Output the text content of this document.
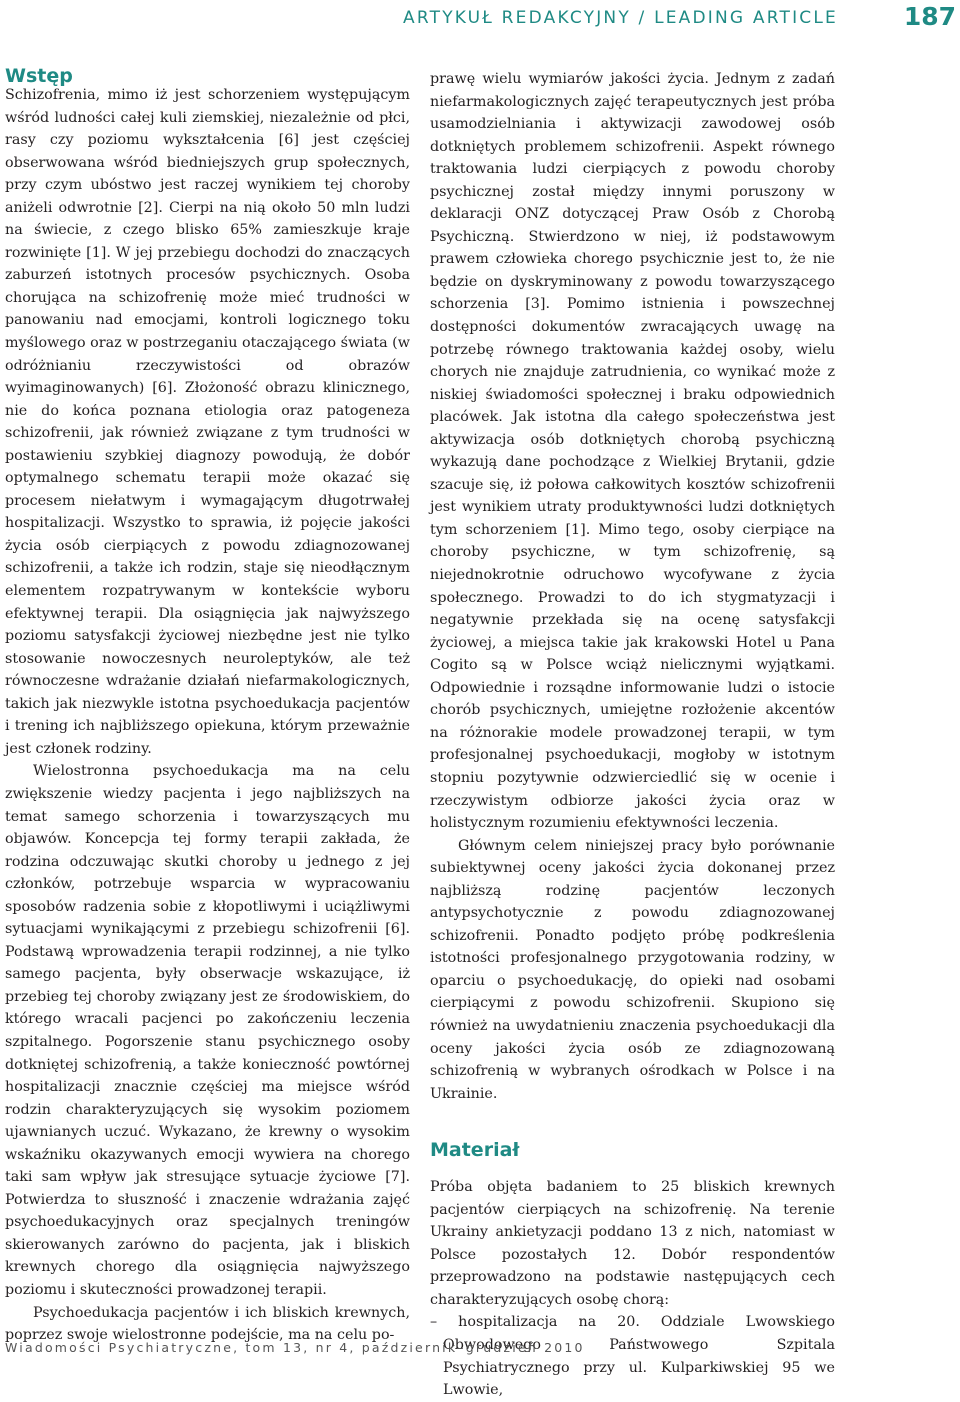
ARTYKUŁ REDAKCYJNY / LEADING ARTICLE	187
Wstęp

Schizofrenia, mimo iż jest schorzeniem występującym wśród ludności całej kuli ziemskiej, niezależnie od płci, rasy czy poziomu wykształcenia [6] jest częściej obserwowana wśród biedniejszych grup społecznych, przy czym ubóstwo jest raczej wynikiem tej choroby aniżeli odwrotnie [2]. Cierpi na nią około 50 mln ludzi na świecie, z czego blisko 65% zamieszkuje kraje rozwinięte [1]. W jej przebiegu dochodzi do znaczących zaburzeń istotnych procesów psychicznych. Osoba chorująca na schizofrenię może mieć trudności w panowaniu nad emocjami, kontroli logicznego toku myślowego oraz w postrzeganiu otaczającego świata (w odróżnianiu rzeczywistości od obrazów wyimaginowanych) [6]. Złożoność obrazu klinicznego, nie do końca poznana etiologia oraz patogeneza schizofrenii, jak również związane z tym trudności w postawieniu szybkiej diagnozy powodują, że dobór optymalnego schematu terapii może okazać się procesem niełatwym i wymagającym długotrwałej hospitalizacji. Wszystko to sprawia, iż pojęcie jakości życia osób cierpiących z powodu zdiagnozowanej schizofrenii, a także ich rodzin, staje się nieodłącznym elementem rozpatrywanym w kontekście wyboru efektywnej terapii. Dla osiągnięcia jak najwyższego poziomu satysfakcji życiowej niezbędne jest nie tylko stosowanie nowoczesnych neuroleptyków, ale też równoczesne wdrażanie działań niefarmakologicznych, takich jak niezwykle istotna psychoedukacja pacjentów i trening ich najbliższego opiekuna, którym przeważnie jest członek rodziny.

Wielostronna psychoedukacja ma na celu zwiększenie wiedzy pacjenta i jego najbliższych na temat samego schorzenia i towarzyszących mu objawów. Koncepcja tej formy terapii zakłada, że rodzina odczuwając skutki choroby u jednego z jej członków, potrzebuje wsparcia w wypracowaniu sposobów radzenia sobie z kłopotliwymi i uciążliwymi sytuacjami wynikającymi z przebiegu schizofrenii [6]. Podstawą wprowadzenia terapii rodzinnej, a nie tylko samego pacjenta, były obserwacje wskazujące, iż przebieg tej choroby związany jest ze środowiskiem, do którego wracali pacjenci po zakończeniu leczenia szpitalnego. Pogorszenie stanu psychicznego osoby dotkniętej schizofrenią, a także konieczność powtórnej hospitalizacji znacznie częściej ma miejsce wśród rodzin charakteryzujących się wysokim poziomem ujawnianych uczuć. Wykazano, że krewny o wysokim wskaźniku okazywanych emocji wywiera na chorego taki sam wpływ jak stresujące sytuacje życiowe [7]. Potwierdza to słuszność i znaczenie wdrażania zajęć psychoedukacyjnych oraz specjalnych treningów skierowanych zarówno do pacjenta, jak i bliskich krewnych chorego dla osiągnięcia najwyższego poziomu i skuteczności prowadzonej terapii.

Psychoedukacja pacjentów i ich bliskich krewnych, poprzez swoje wielostronne podejście, ma na celu po-

prawę wielu wymiarów jakości życia. Jednym z zadań niefarmakologicznych zajęć terapeutycznych jest próba usamodzielniania i aktywizacji zawodowej osób dotkniętych problemem schizofrenii. Aspekt równego traktowania ludzi cierpiących z powodu choroby psychicznej został między innymi poruszony w deklaracji ONZ dotyczącej Praw Osób z Chorobą Psychiczną. Stwierdzono w niej, iż podstawowym prawem człowieka chorego psychicznie jest to, że nie będzie on dyskryminowany z powodu towarzyszącego schorzenia [3]. Pomimo istnienia i powszechnej dostępności dokumentów zwracających uwagę na potrzebę równego traktowania każdej osoby, wielu chorych nie znajduje zatrudnienia, co wynikać może z niskiej świadomości społecznej i braku odpowiednich placówek. Jak istotna dla całego społeczeństwa jest aktywizacja osób dotkniętych chorobą psychiczną wykazują dane pochodzące z Wielkiej Brytanii, gdzie szacuje się, iż połowa całkowitych kosztów schizofrenii jest wynikiem utraty produktywności ludzi dotkniętych tym schorzeniem [1]. Mimo tego, osoby cierpiące na choroby psychiczne, w tym schizofrenię, są niejednokrotnie odruchowo wycofywane z życia społecznego. Prowadzi to do ich stygmatyzacji i negatywnie przekłada się na ocenę satysfakcji życiowej, a miejsca takie jak krakowski Hotel u Pana Cogito są w Polsce wciąż nielicznymi wyjątkami. Odpowiednie i rozsądne informowanie ludzi o istocie chorób psychicznych, umiejętne rozłożenie akcentów na różnorakie modele prowadzonej terapii, w tym profesjonalnej psychoedukacji, mogłoby w istotnym stopniu pozytywnie odzwierciedlić się w ocenie i rzeczywistym odbiorze jakości życia oraz w holistycznym rozumieniu efektywności leczenia.

Głównym celem niniejszej pracy było porównanie subiektywnej oceny jakości życia dokonanej przez najbliższą rodzinę pacjentów leczonych antypsychotycznie z powodu zdiagnozowanej schizofrenii. Ponadto podjęto próbę podkreślenia istotności profesjonalnego przygotowania rodziny, w oparciu o psychoedukację, do opieki nad osobami cierpiącymi z powodu schizofrenii. Skupiono się również na uwydatnieniu znaczenia psychoedukacji dla oceny jakości życia osób ze zdiagnozowaną schizofrenią w wybranych ośrodkach w Polsce i na Ukrainie.

Materiał

Próba objęta badaniem to 25 bliskich krewnych pacjentów cierpiących na schizofrenię. Na terenie Ukrainy ankietyzacji poddano 13 z nich, natomiast w Polsce pozostałych 12. Dobór respondentów przeprowadzono na podstawie następujących cech charakteryzujących osobę chorą:

– hospitalizacja na 20. Oddziale Lwowskiego Obwodowego Państwowego Szpitala Psychiatrycznego przy ul. Kulparkiwskiej 95 we Lwowie,

Wiadomości Psychiatryczne, tom 13, nr 4, październik–grudzień 2010
